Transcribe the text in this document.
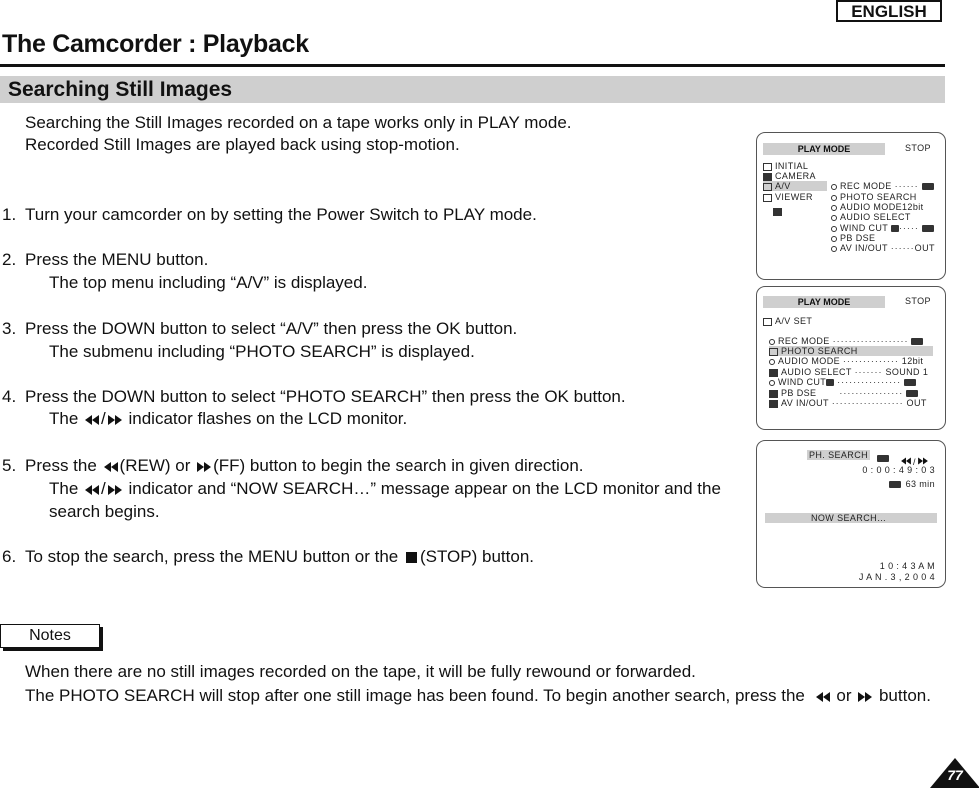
ENGLISH
The Camcorder : Playback
Searching Still Images
Searching the Still Images recorded on a tape works only in PLAY mode.
Recorded Still Images are played back using stop-motion.
1. Turn your camcorder on by setting the Power Switch to PLAY mode.
2. Press the MENU button.
The top menu including “A/V” is displayed.
3. Press the DOWN button to select “A/V” then press the OK button.
The submenu including “PHOTO SEARCH” is displayed.
4. Press the DOWN button to select “PHOTO SEARCH” then press the OK button.
The / indicator flashes on the LCD monitor.
5. Press the (REW) or (FF) button to begin the search in given direction.
The / indicator and “NOW SEARCH…” message appear on the LCD monitor and the
search begins.
6. To stop the search, press the MENU button or the (STOP) button.
Notes
When there are no still images recorded on the tape, it will be fully rewound or forwarded.
The PHOTO SEARCH will stop after one still image has been found. To begin another search, press the or button.
77
PLAY MODE	STOP
INITIAL
CAMERA
A/V
VIEWER
REC MODE ······
PHOTO SEARCH
AUDIO MODE12bit
AUDIO SELECT
WIND CUT ·····
PB DSE
AV IN/OUT ······OUT
PLAY MODE	STOP
A/V SET
REC MODE ···················
PHOTO SEARCH
AUDIO MODE ·············· 12bit
AUDIO SELECT ······· SOUND 1
WIND CUT ················
PB DSE	················
AV IN/OUT ·················· OUT
PH. SEARCH
/
0 : 0 0 : 4 9 : 0 3
63 min
NOW SEARCH…
1 0 : 4 3 A M
J A N . 3 , 2 0 0 4
